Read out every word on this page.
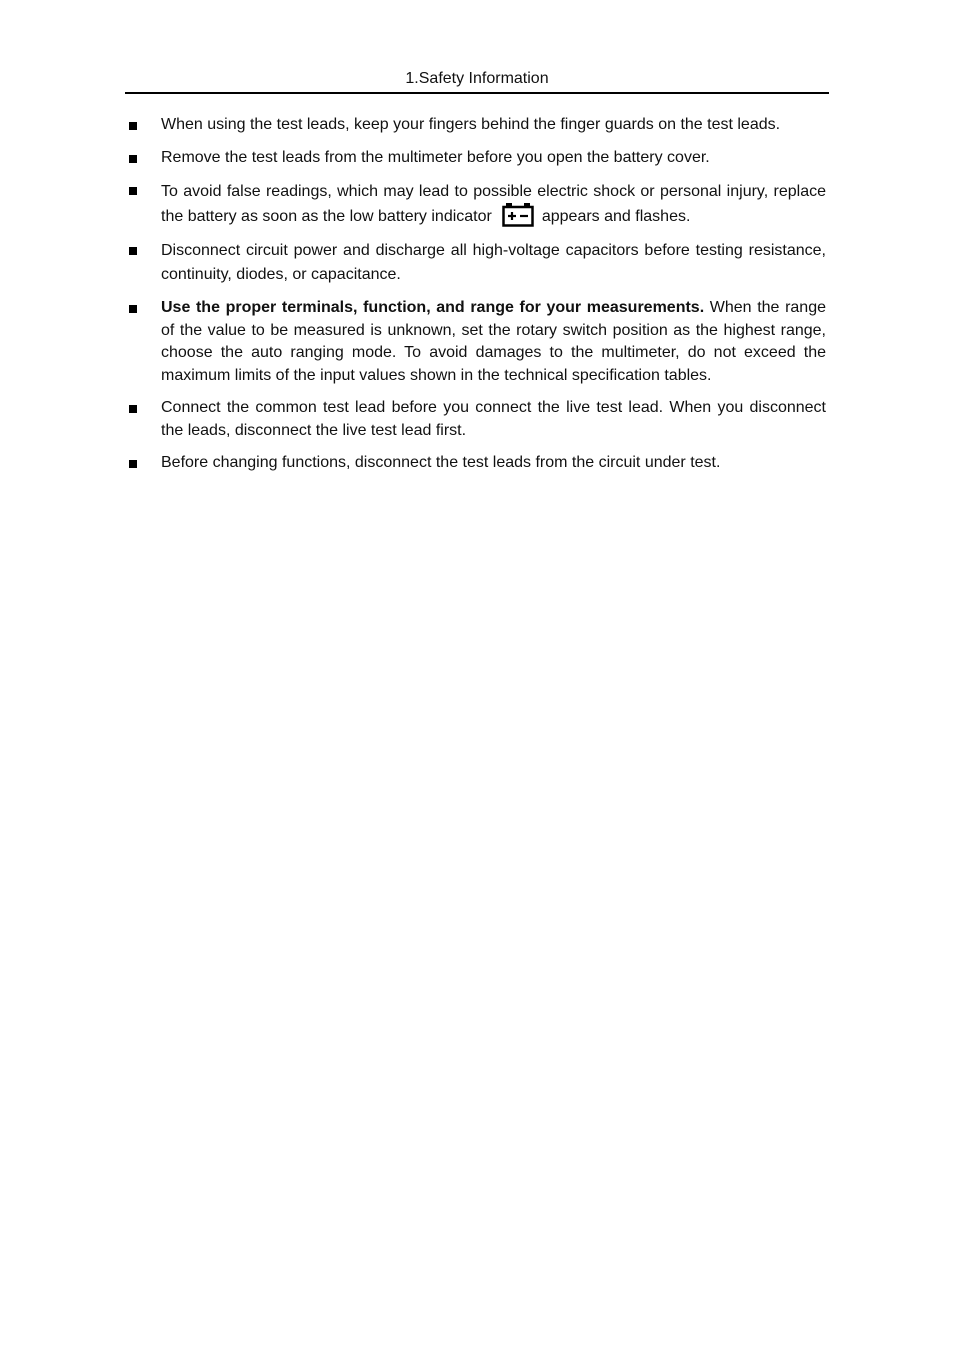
1.Safety Information
When using the test leads, keep your fingers behind the finger guards on the test leads.
Remove the test leads from the multimeter before you open the battery cover.
To avoid false readings, which may lead to possible electric shock or personal injury, replace the battery as soon as the low battery indicator	appears and flashes.
Disconnect circuit power and discharge all high-voltage capacitors before testing resistance, continuity, diodes, or capacitance.
Use the proper terminals, function, and range for your measurements. When the range of the value to be measured is unknown, set the rotary switch position as the highest range, choose the auto ranging mode. To avoid damages to the multimeter, do not exceed the maximum limits of the input values shown in the technical specification tables.
Connect the common test lead before you connect the live test lead. When you disconnect the leads, disconnect the live test lead first.
Before changing functions, disconnect the test leads from the circuit under test.
